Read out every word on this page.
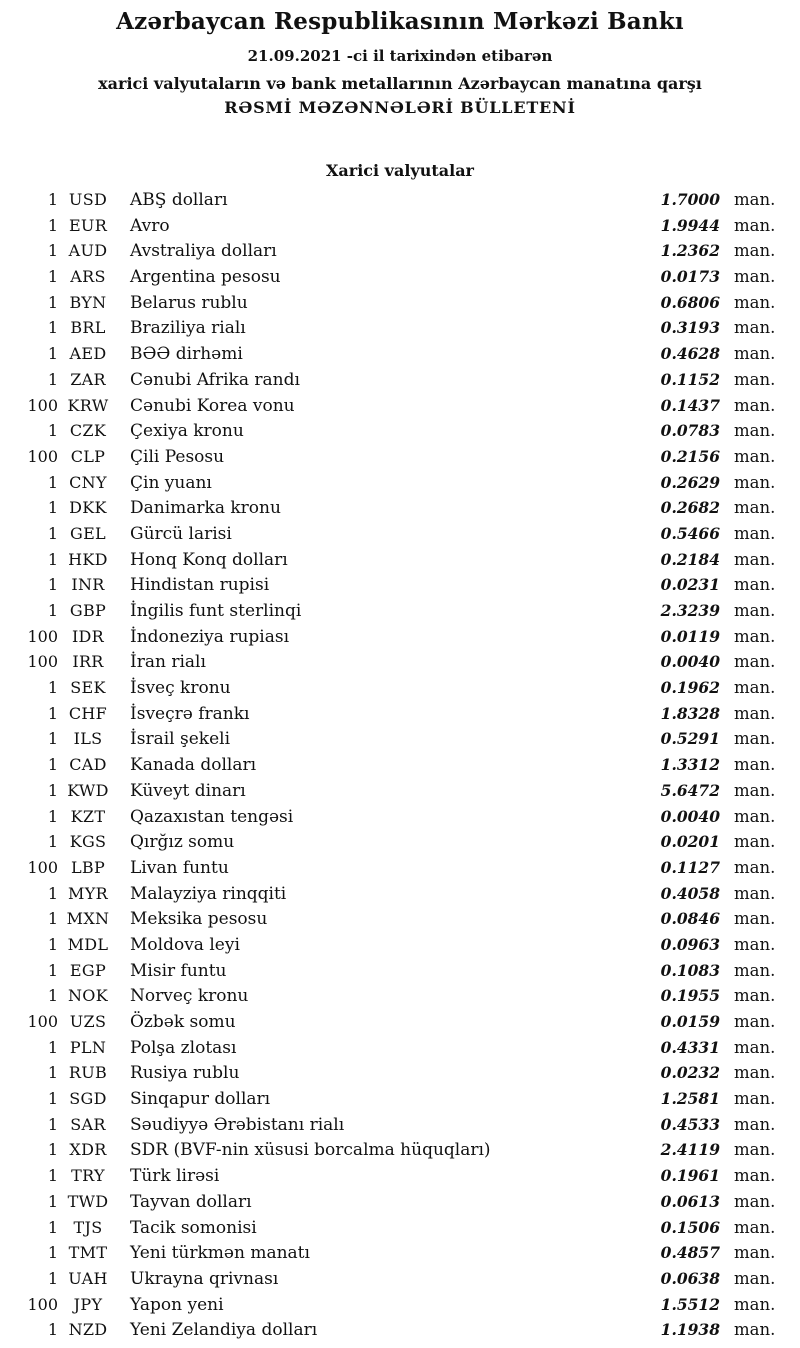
Azərbaycan Respublikasının Mərkəzi Bankı
21.09.2021 -ci il tarixindən etibarən
xarici valyutaların və bank metallarının Azərbaycan manatına qarşı
RƏSMİ MƏZƏNNƏLƏRİ BÜLLETENİ
Xarici valyutalar
1 USD	ABŞ dolları	1.7000 man.
1 EUR	Avro	1.9944 man.
1 AUD	Avstraliya dolları	1.2362 man.
1 ARS	Argentina pesosu	0.0173 man.
1 BYN	Belarus rublu	0.6806 man.
1 BRL	Braziliya rialı	0.3193 man.
1 AED	BƏƏ dirhəmi	0.4628 man.
1 ZAR	Cənubi Afrika randı	0.1152 man.
100 KRW	Cənubi Korea vonu	0.1437 man.
1 CZK	Çexiya kronu	0.0783 man.
100 CLP	Çili Pesosu	0.2156 man.
1 CNY	Çin yuanı	0.2629 man.
1 DKK	Danimarka kronu	0.2682 man.
1 GEL	Gürcü larisi	0.5466 man.
1 HKD	Honq Konq dolları	0.2184 man.
1 INR	Hindistan rupisi	0.0231 man.
1 GBP	İngilis funt sterlinqi	2.3239 man.
100 IDR	İndoneziya rupiası	0.0119 man.
100 IRR	İran rialı	0.0040 man.
1 SEK	İsveç kronu	0.1962 man.
1 CHF	İsveçrə frankı	1.8328 man.
1 ILS	İsrail şekeli	0.5291 man.
1 CAD	Kanada dolları	1.3312 man.
1 KWD	Küveyt dinarı	5.6472 man.
1 KZT	Qazaxıstan tengəsi	0.0040 man.
1 KGS	Qırğız somu	0.0201 man.
100 LBP	Livan funtu	0.1127 man.
1 MYR	Malayziya rinqqiti	0.4058 man.
1 MXN	Meksika pesosu	0.0846 man.
1 MDL	Moldova leyi	0.0963 man.
1 EGP	Misir funtu	0.1083 man.
1 NOK	Norveç kronu	0.1955 man.
100 UZS	Özbək somu	0.0159 man.
1 PLN	Polşa zlotası	0.4331 man.
1 RUB	Rusiya rublu	0.0232 man.
1 SGD	Sinqapur dolları	1.2581 man.
1 SAR	Səudiyyə Ərəbistanı rialı	0.4533 man.
1 XDR	SDR (BVF-nin xüsusi borcalma hüquqları)	2.4119 man.
1 TRY	Türk lirəsi	0.1961 man.
1 TWD	Tayvan dolları	0.0613 man.
1 TJS	Tacik somonisi	0.1506 man.
1 TMT	Yeni türkmən manatı	0.4857 man.
1 UAH	Ukrayna qrivnası	0.0638 man.
100 JPY	Yapon yeni	1.5512 man.
1 NZD	Yeni Zelandiya dolları	1.1938 man.
